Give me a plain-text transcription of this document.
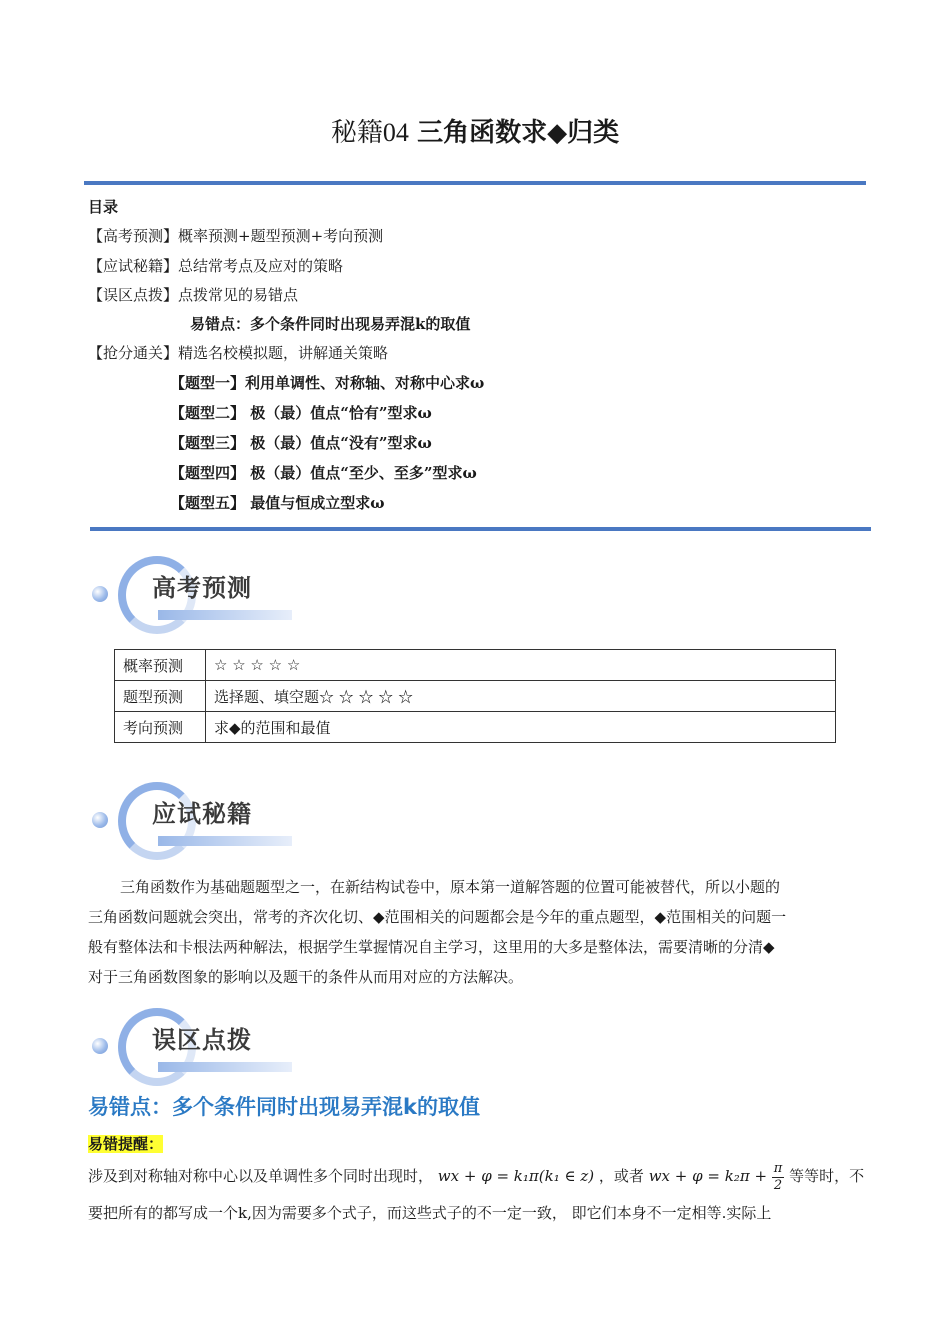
秘籍04 三角函数求◆归类
目录
【高考预测】概率预测+题型预测+考向预测
【应试秘籍】总结常考点及应对的策略
【误区点拨】点拨常见的易错点
易错点：多个条件同时出现易弄混k的取值
【抢分通关】精选名校模拟题，讲解通关策略
【题型一】利用单调性、对称轴、对称中心求ω
【题型二】 极（最）值点“恰有”型求ω
【题型三】 极（最）值点“没有”型求ω
【题型四】 极（最）值点“至少、至多”型求ω
【题型五】 最值与恒成立型求ω
高考预测
概率预测	☆ ☆ ☆ ☆ ☆
题型预测	选择题、填空题☆ ☆ ☆ ☆ ☆
考向预测	求◆的范围和最值
应试秘籍
三角函数作为基础题题型之一，在新结构试卷中，原本第一道解答题的位置可能被替代，所以小题的
三角函数问题就会突出，常考的齐次化切、◆范围相关的问题都会是今年的重点题型，◆范围相关的问题一
般有整体法和卡根法两种解法，根据学生掌握情况自主学习，这里用的大多是整体法，需要清晰的分清◆
对于三角函数图象的影响以及题干的条件从而用对应的方法解决。
误区点拨
易错点：多个条件同时出现易弄混k的取值
易错提醒：
涉及到对称轴对称中心以及单调性多个同时出现时， wx + φ = k₁π(k₁ ∈ z) ，或者 wx + $\varphi = k_2\pi + \frac{\pi}{2}$ 等等时，不
要把所有的都写成一个k,因为需要多个式子，而这些式子的不一定一致， 即它们本身不一定相等.实际上
